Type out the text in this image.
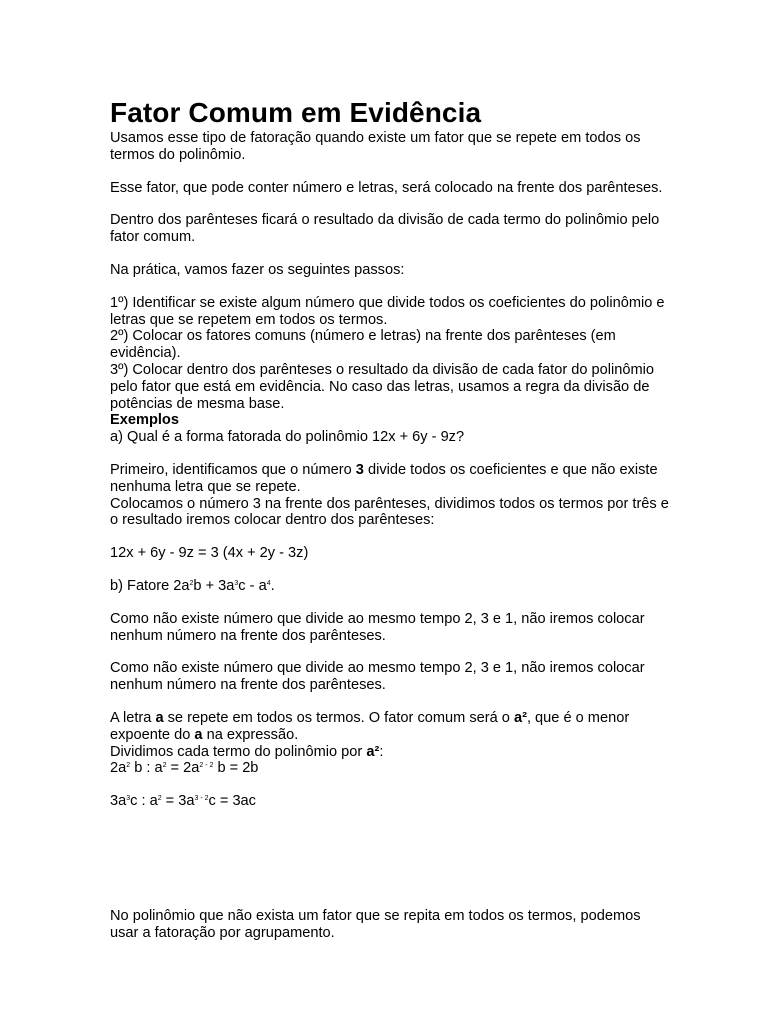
Fator Comum em Evidência

Usamos esse tipo de fatoração quando existe um fator que se repete em todos os termos do polinômio.

Esse fator, que pode conter número e letras, será colocado na frente dos parênteses.

Dentro dos parênteses ficará o resultado da divisão de cada termo do polinômio pelo fator comum.

Na prática, vamos fazer os seguintes passos:

1º) Identificar se existe algum número que divide todos os coeficientes do polinômio e letras que se repetem em todos os termos.

2º) Colocar os fatores comuns (número e letras) na frente dos parênteses (em evidência).

3º) Colocar dentro dos parênteses o resultado da divisão de cada fator do polinômio pelo fator que está em evidência. No caso das letras, usamos a regra da divisão de potências de mesma base.

Exemplos

a) Qual é a forma fatorada do polinômio 12x + 6y - 9z?

Primeiro, identificamos que o número 3 divide todos os coeficientes e que não existe nenhuma letra que se repete.

Colocamos o número 3 na frente dos parênteses, dividimos todos os termos por três e o resultado iremos colocar dentro dos parênteses:

12x + 6y - 9z = 3 (4x + 2y - 3z)

b) Fatore $2a^2b + 3a^3c - a^4$.

Como não existe número que divide ao mesmo tempo 2, 3 e 1, não iremos colocar nenhum número na frente dos parênteses.

Como não existe número que divide ao mesmo tempo 2, 3 e 1, não iremos colocar nenhum número na frente dos parênteses.

A letra a se repete em todos os termos. O fator comum será o a², que é o menor expoente do a na expressão.

Dividimos cada termo do polinômio por a²:

$2a^2$ b : $a^2 = 2a^{2 - 2}$ b = 2b

$3a^3c$ : $a^2 = 3a^{3 - 2}c = 3ac$

No polinômio que não exista um fator que se repita em todos os termos, podemos usar a fatoração por agrupamento.
